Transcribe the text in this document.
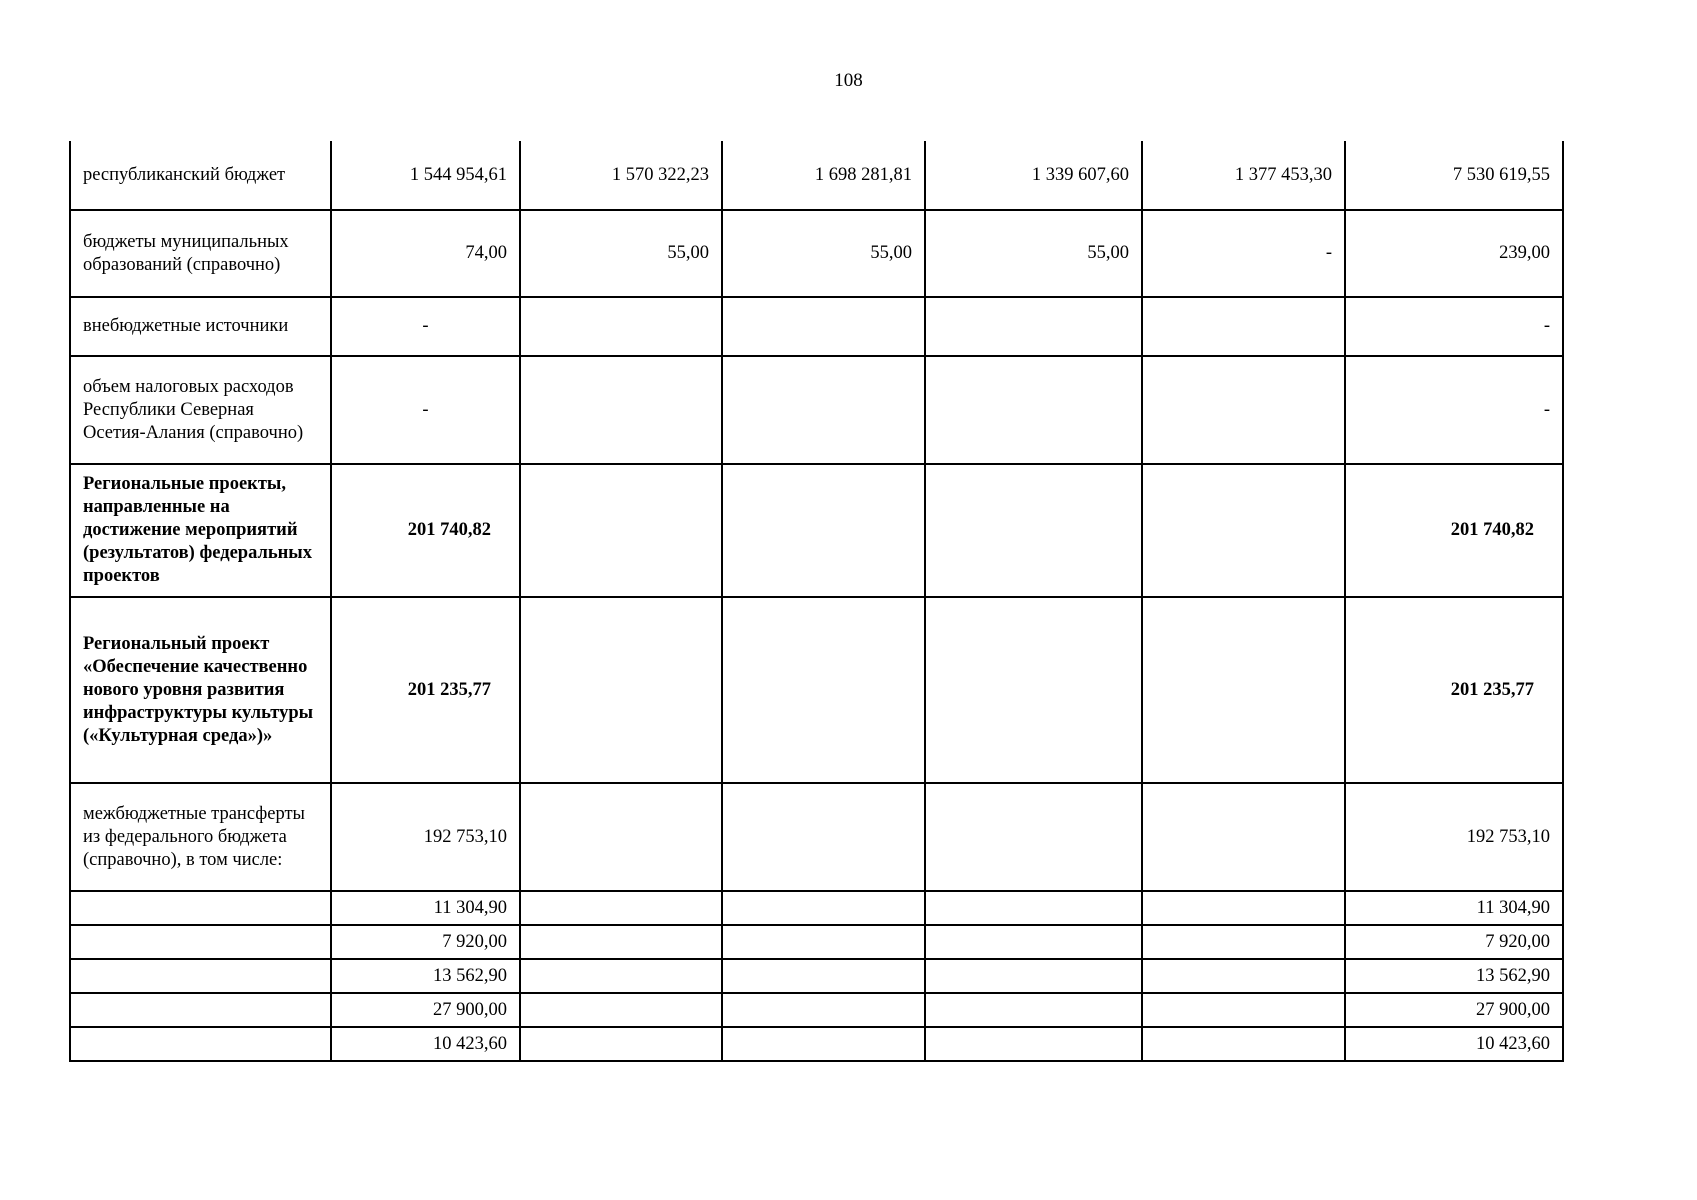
108
республиканский бюджет	1 544 954,61	1 570 322,23	1 698 281,81	1 339 607,60	1 377 453,30	7 530 619,55
бюджеты муниципальных образований (справочно)	74,00	55,00	55,00	55,00	-	239,00
внебюджетные источники	-					-
объем налоговых расходов Республики Северная Осетия-Алания (справочно)	-					-
Региональные проекты, направленные на достижение мероприятий (результатов) федеральных проектов	201 740,82					201 740,82
Региональный проект «Обеспечение качественно нового уровня развития инфраструктуры культуры («Культурная среда»)»	201 235,77					201 235,77
межбюджетные трансферты из федерального бюджета (справочно), в том числе:	192 753,10					192 753,10
	11 304,90					11 304,90
	7 920,00					7 920,00
	13 562,90					13 562,90
	27 900,00					27 900,00
	10 423,60					10 423,60
